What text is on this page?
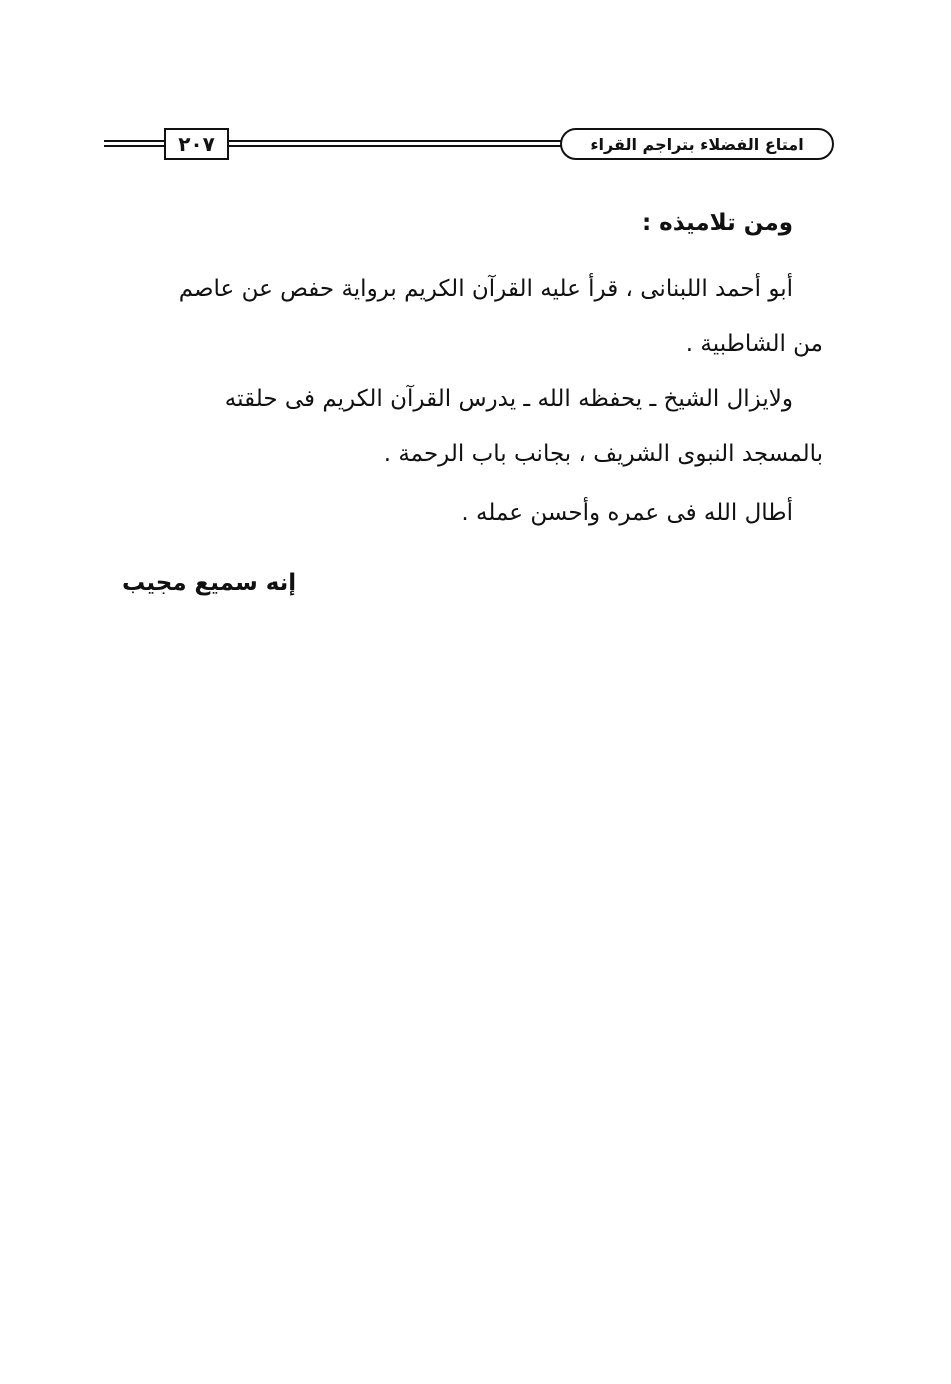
٢٠٧	امتاع الفضلاء بتراجم القراء
ومن تلاميذه :
أبو أحمد اللبنانى ، قرأ عليه القرآن الكريم برواية حفص عن عاصم
من الشاطبية .
ولايزال الشيخ ـ يحفظه الله ـ يدرس القرآن الكريم فى حلقته
بالمسجد النبوى الشريف ، بجانب باب الرحمة .
أطال الله فى عمره وأحسن عمله .
إنه سميع مجيب
